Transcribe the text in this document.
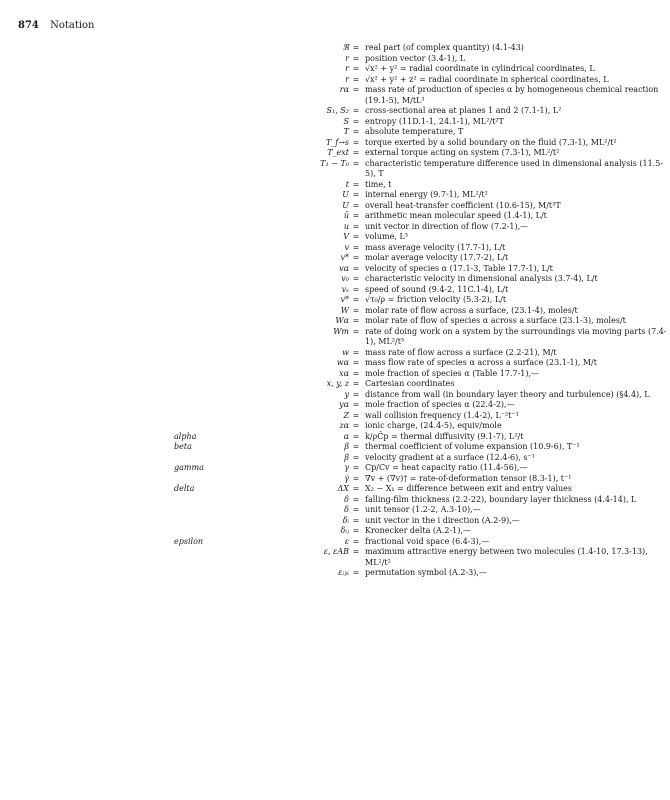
874 Notation
ℜ = real part (of complex quantity) (4.1-43)
r = position vector (3.4-1), L
r = √x² + y² = radial coordinate in cylindrical coordinates, L
r = √x² + y² + z² = radial coordinate in spherical coordinates, L
rα = mass rate of production of species α by homogeneous chemical reaction (19.1-5), M/tL³
S₁, S₂ = cross-sectional area at planes 1 and 2 (7.1-1), L²
S = entropy (11D.1-1, 24.1-1), ML²/t²T
T = absolute temperature, T
T_f→s = torque exerted by a solid boundary on the fluid (7.3-1), ML²/t²
T_ext = external torque acting on system (7.3-1), ML²/t²
T₁ − T₀ = characteristic temperature difference used in dimensional analysis (11.5-5), T
t = time, t
U = internal energy (9.7-1), ML²/t²
U = overall heat-transfer coefficient (10.6-15), M/t³T
ū = arithmetic mean molecular speed (1.4-1), L/t
u = unit vector in direction of flow (7.2-1),—
V = volume, L³
v = mass average velocity (17.7-1), L/t
v* = molar average velocity (17.7-2), L/t
vα = velocity of species α (17.1-3, Table 17.7-1), L/t
v₀ = characteristic velocity in dimensional analysis (3.7-4), L/t
vₛ = speed of sound (9.4-2, 11C.1-4), L/t
v* = √τ₀/ρ = friction velocity (5.3-2), L/t
W = molar rate of flow across a surface, (23.1-4), moles/t
Wα = molar rate of flow of species α across a surface (23.1-3), moles/t
Wm = rate of doing work on a system by the surroundings via moving parts (7.4-1), ML²/t³
w = mass rate of flow across a surface (2.2-21), M/t
wα = mass flow rate of species α across a surface (23.1-1), M/t
xα = mole fraction of species α (Table 17.7-1),—
x, y, z = Cartesian coordinates
y = distance from wall (in boundary layer theory and turbulence) (§4.4), L
yα = mole fraction of species α (22.4-2),—
Z = wall collision frequency (1.4-2), L⁻²t⁻¹
zα = ionic charge, (24.4-5), equiv/mole
alpha	α = k/ρĈp = thermal diffusivity (9.1-7), L²/t
beta	β = thermal coefficient of volume expansion (10.9-6), T⁻¹
β = velocity gradient at a surface (12.4-6), s⁻¹
gamma	γ = Cp/Cv = heat capacity ratio (11.4-56),—
γ̇ = ∇v + (∇v)† = rate-of-deformation tensor (8.3-1), t⁻¹
delta	ΔX = X₂ − X₁ = difference between exit and entry values
δ = falling-film thickness (2.2-22), boundary layer thickness (4.4-14), L
δ = unit tensor (1.2-2, A.3-10),—
δᵢ = unit vector in the i direction (A.2-9),—
δᵢⱼ = Kronecker delta (A.2-1),—
epsilon	ε = fractional void space (6.4-3),—
ε, εAB = maximum attractive energy between two molecules (1.4-10, 17.3-13), ML²/t²
εᵢⱼₖ = permutation symbol (A.2-3),—
